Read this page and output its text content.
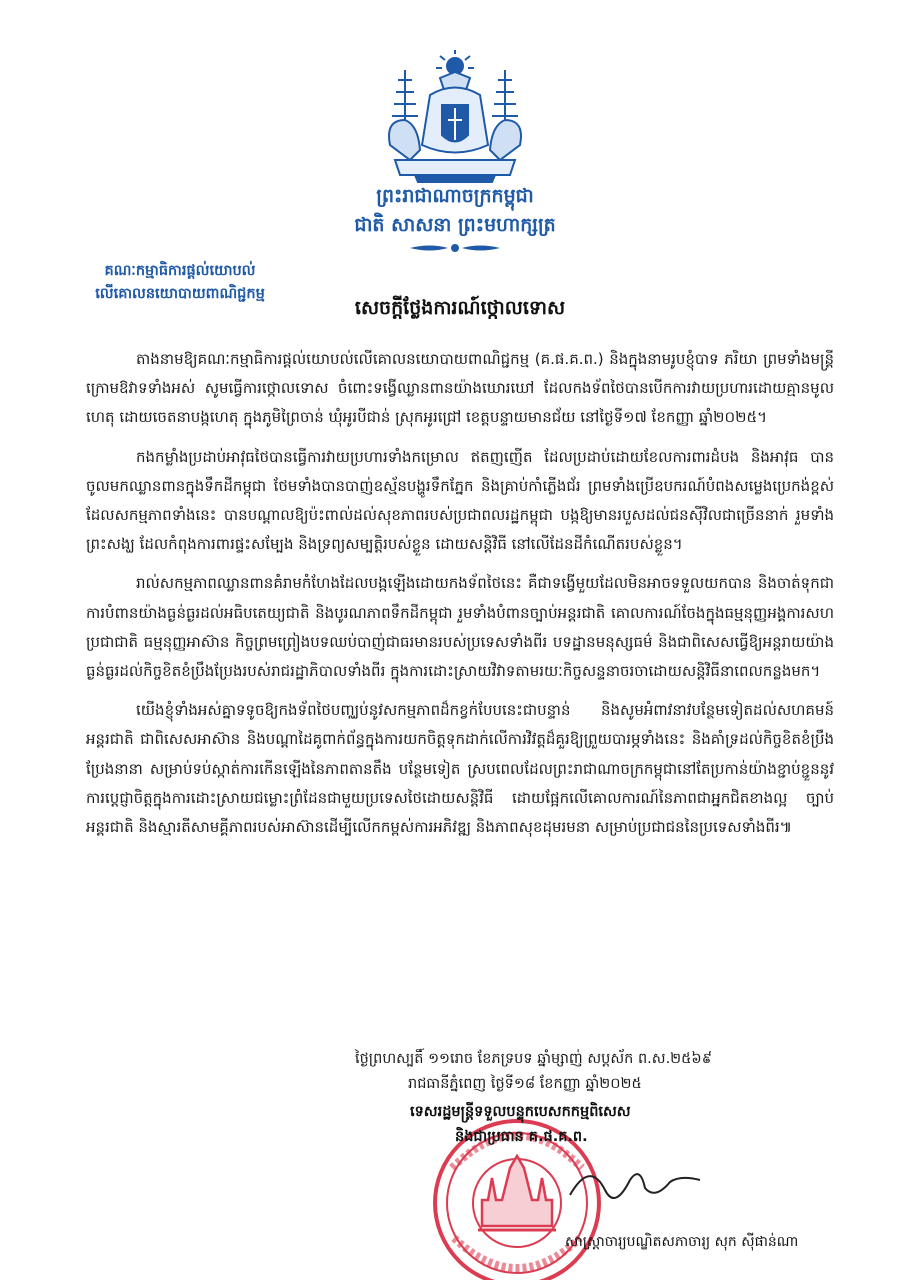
ព្រះរាជាណាចក្រកម្ពុជា
ជាតិ សាសនា ព្រះមហាក្សត្រ
គណៈកម្មាធិការផ្តល់យោបល់
លើគោលនយោបាយពាណិជ្ជកម្ម
សេចក្តីថ្លែងការណ៍ថ្កោលទោស

តាងនាមឱ្យគណៈកម្មាធិការផ្តល់យោបល់លើគោលនយោបាយពាណិជ្ជកម្ម (គ.ផ.គ.ព.) និងក្នុងនាមរូបខ្ញុំបាទ ភរិយា ព្រមទាំងមន្ត្រីក្រោមឱវាទទាំងអស់ សូមធ្វើការថ្កោលទោស ចំពោះទង្វើឈ្លានពានយ៉ាងឃោរឃៅ ដែលកងទ័ពថៃបានបើកការវាយប្រហារដោយគ្មានមូលហេតុ ដោយចេតនាបង្កហេតុ ក្នុងភូមិព្រៃចាន់ ឃុំអូរបីជាន់ ស្រុកអូរជ្រៅ ខេត្តបន្ទាយមានជ័យ នៅថ្ងៃទី១៧ ខែកញ្ញា ឆ្នាំ២០២៥។

កងកម្លាំងប្រដាប់អាវុធថៃបានធ្វើការវាយប្រហារទាំងកម្រោល ឥតញញើត ដែលប្រដាប់ដោយខែលការពារដំបង និងអាវុធ បានចូលមកឈ្លានពានក្នុងទឹកដីកម្ពុជា ថែមទាំងបានបាញ់ឧស្ម័នបង្ហូរទឹកភ្នែក និងគ្រាប់កាំភ្លើងជ័រ ព្រមទាំងប្រើឧបករណ៍បំពងសម្លេងប្រេកង់ខ្ពស់ ដែលសកម្មភាពទាំងនេះ បានបណ្តាលឱ្យប៉ះពាល់ដល់សុខភាពរបស់ប្រជាពលរដ្ឋកម្ពុជា បង្កឱ្យមានរបួសដល់ជនស៊ីវិលជាច្រើននាក់ រួមទាំងព្រះសង្ឃ ដែលកំពុងការពារផ្ទះសម្បែង និងទ្រព្យសម្បត្តិរបស់ខ្លួន ដោយសន្តិវិធី នៅលើដែនដីកំណើតរបស់ខ្លួន។

រាល់សកម្មភាពឈ្លានពានគំរាមកំហែងដែលបង្កឡើងដោយកងទ័ពថៃនេះ គឺជាទង្វើមួយដែលមិនអាចទទួលយកបាន និងចាត់ទុកជាការបំពានយ៉ាងធ្ងន់ធ្ងរដល់អធិបតេយ្យជាតិ និងបូរណភាពទឹកដីកម្ពុជា រួមទាំងបំពានច្បាប់អន្តរជាតិ គោលការណ៍ចែងក្នុងធម្មនុញ្ញអង្គការសហប្រជាជាតិ ធម្មនុញ្ញអាស៊ាន កិច្ចព្រមព្រៀងបទឈប់បាញ់ជាធរមានរបស់ប្រទេសទាំងពីរ បទដ្ឋានមនុស្សធម៌ និងជាពិសេសធ្វើឱ្យអន្តរាយយ៉ាងធ្ងន់ធ្ងរដល់កិច្ចខិតខំប្រឹងប្រែងរបស់រាជរដ្ឋាភិបាលទាំងពីរ ក្នុងការដោះស្រាយវិវាទតាមរយៈកិច្ចសន្ទនាចរចាដោយសន្តិវិធីនាពេលកន្លងមក។

យើងខ្ញុំទាំងអស់គ្នាទទូចឱ្យកងទ័ពថៃបញ្ឈប់នូវសកម្មភាពដ៏កខ្វក់បែបនេះជាបន្ទាន់ និងសូមអំពាវនាវបន្ថែមទៀតដល់សហគមន៍អន្តរជាតិ ជាពិសេសអាស៊ាន និងបណ្តាដៃគូពាក់ព័ន្ធក្នុងការយកចិត្តទុកដាក់លើការវិវត្តដ៏គួរឱ្យព្រួយបារម្ភទាំងនេះ និងគាំទ្រដល់កិច្ចខិតខំប្រឹងប្រែងនានា សម្រាប់ទប់ស្កាត់ការកើនឡើងនៃភាពតានតឹង បន្ថែមទៀត ស្របពេលដែលព្រះរាជាណាចក្រកម្ពុជានៅតែប្រកាន់យ៉ាងខ្ជាប់ខ្ជួននូវការប្តេជ្ញាចិត្តក្នុងការដោះស្រាយជម្លោះព្រំដែនជាមួយប្រទេសថៃដោយសន្តិវិធី ដោយផ្អែកលើគោលការណ៍នៃភាពជាអ្នកជិតខាងល្អ ច្បាប់អន្តរជាតិ និងស្មារតីសាមគ្គីភាពរបស់អាស៊ានដើម្បីលើកកម្ពស់ការអភិវឌ្ឍ និងភាពសុខដុមរមនា សម្រាប់ប្រជាជននៃប្រទេសទាំងពីរ៕

ថ្ងៃព្រហស្បតិ៍ ១១រោច ខែភទ្របទ ឆ្នាំម្សាញ់ សប្តស័ក ព.ស.២៥៦៩
រាជធានីភ្នំពេញ ថ្ងៃទី១៨ ខែកញ្ញា ឆ្នាំ២០២៥
ទេសរដ្ឋមន្ត្រីទទួលបន្ទុកបេសកកម្មពិសេស
និងជាប្រធាន គ.ផ.គ.ព.
សាស្ត្រាចារ្យបណ្ឌិតសភាចារ្យ សុក ស៊ីផាន់ណា
